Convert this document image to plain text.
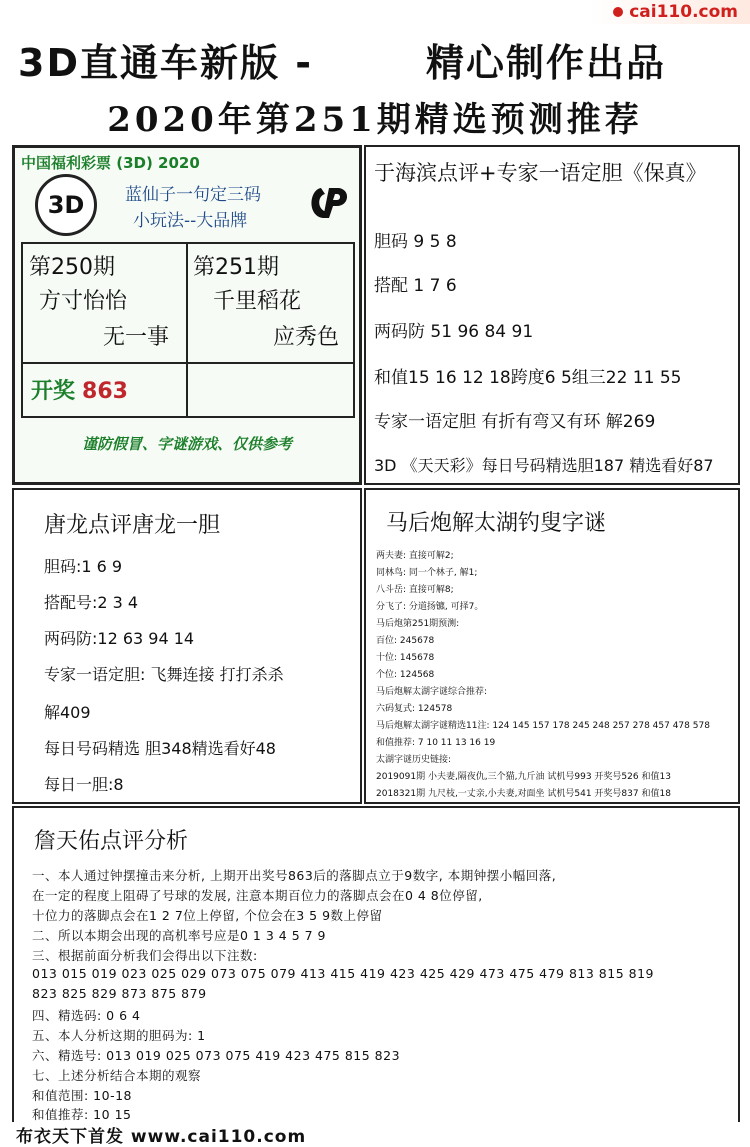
cai110.com
3D直通车新版 -	精心制作出品
2020年第251期精选预测推荐
中国福利彩票 (3D) 2020
3D 蓝仙子一句定三码
小玩法--大品牌
第250期
方寸怡怡
无一事
第251期
千里稻花
应秀色
开奖 863
谨防假冒、字谜游戏、仅供参考
于海滨点评+专家一语定胆《保真》
胆码 9 5 8
搭配 1 7 6
两码防 51 96 84 91
和值15 16 12 18跨度6 5组三22 11 55
专家一语定胆 有折有弯又有环 解269
3D 《天天彩》每日号码精选胆187 精选看好87
唐龙点评唐龙一胆
胆码:1 6 9
搭配号:2 3 4
两码防:12 63 94 14
专家一语定胆: 飞舞连接 打打杀杀
解409
每日号码精选 胆348精选看好48
每日一胆:8
马后炮解太湖钓叟字谜
两夫妻: 直接可解2;
同林鸟: 同一个林子, 解1;
八斗岳: 直接可解8;
分飞了: 分道扬镳, 可择7。
马后炮第251期预测:
百位: 245678
十位: 145678
个位: 124568
马后炮解太湖字谜综合推荐:
六码复式: 124578
马后炮解太湖字谜精选11注: 124 145 157 178 245 248 257 278 457 478 578
和值推荐: 7 10 11 13 16 19
太湖字谜历史链接:
2019091期 小夫妻,隔夜仇,三个猫,九斤油 试机号993 开奖号526 和值13
2018321期 九尺枝,一丈亲,小夫妻,对面坐 试机号541 开奖号837 和值18
詹天佑点评分析
一、本人通过钟摆撞击来分析, 上期开出奖号863后的落脚点立于9数字, 本期钟摆小幅回落,
在一定的程度上阻碍了号球的发展, 注意本期百位力的落脚点会在0 4 8位停留,
十位力的落脚点会在1 2 7位上停留, 个位会在3 5 9数上停留
二、所以本期会出现的高机率号应是0 1 3 4 5 7 9
三、根据前面分析我们会得出以下注数:
013 015 019 023 025 029 073 075 079 413 415 419 423 425 429 473 475 479 813 815 819
823 825 829 873 875 879
四、精选码: 0 6 4
五、本人分析这期的胆码为: 1
六、精选号: 013 019 025 073 075 419 423 475 815 823
七、上述分析结合本期的观察
和值范围: 10-18
和值推荐: 10 15
布衣天下首发 www.cai110.com
